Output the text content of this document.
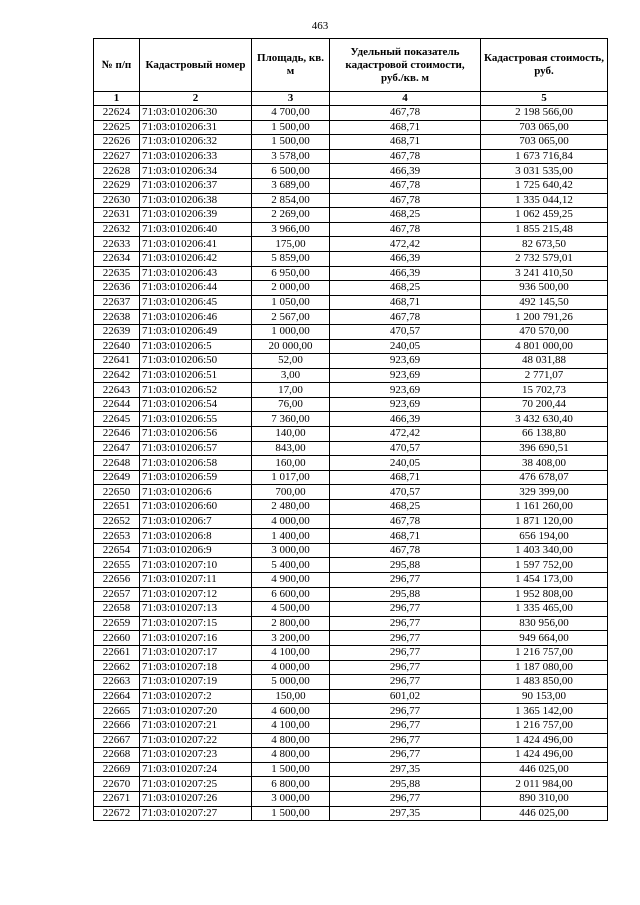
463
№ п/п	Кадастровый номер	Площадь, кв. м	Удельный показатель кадастровой стоимости, руб./кв. м	Кадастровая стоимость, руб.
1	2	3	4	5
22624	71:03:010206:30	4 700,00	467,78	2 198 566,00
22625	71:03:010206:31	1 500,00	468,71	703 065,00
22626	71:03:010206:32	1 500,00	468,71	703 065,00
22627	71:03:010206:33	3 578,00	467,78	1 673 716,84
22628	71:03:010206:34	6 500,00	466,39	3 031 535,00
22629	71:03:010206:37	3 689,00	467,78	1 725 640,42
22630	71:03:010206:38	2 854,00	467,78	1 335 044,12
22631	71:03:010206:39	2 269,00	468,25	1 062 459,25
22632	71:03:010206:40	3 966,00	467,78	1 855 215,48
22633	71:03:010206:41	175,00	472,42	82 673,50
22634	71:03:010206:42	5 859,00	466,39	2 732 579,01
22635	71:03:010206:43	6 950,00	466,39	3 241 410,50
22636	71:03:010206:44	2 000,00	468,25	936 500,00
22637	71:03:010206:45	1 050,00	468,71	492 145,50
22638	71:03:010206:46	2 567,00	467,78	1 200 791,26
22639	71:03:010206:49	1 000,00	470,57	470 570,00
22640	71:03:010206:5	20 000,00	240,05	4 801 000,00
22641	71:03:010206:50	52,00	923,69	48 031,88
22642	71:03:010206:51	3,00	923,69	2 771,07
22643	71:03:010206:52	17,00	923,69	15 702,73
22644	71:03:010206:54	76,00	923,69	70 200,44
22645	71:03:010206:55	7 360,00	466,39	3 432 630,40
22646	71:03:010206:56	140,00	472,42	66 138,80
22647	71:03:010206:57	843,00	470,57	396 690,51
22648	71:03:010206:58	160,00	240,05	38 408,00
22649	71:03:010206:59	1 017,00	468,71	476 678,07
22650	71:03:010206:6	700,00	470,57	329 399,00
22651	71:03:010206:60	2 480,00	468,25	1 161 260,00
22652	71:03:010206:7	4 000,00	467,78	1 871 120,00
22653	71:03:010206:8	1 400,00	468,71	656 194,00
22654	71:03:010206:9	3 000,00	467,78	1 403 340,00
22655	71:03:010207:10	5 400,00	295,88	1 597 752,00
22656	71:03:010207:11	4 900,00	296,77	1 454 173,00
22657	71:03:010207:12	6 600,00	295,88	1 952 808,00
22658	71:03:010207:13	4 500,00	296,77	1 335 465,00
22659	71:03:010207:15	2 800,00	296,77	830 956,00
22660	71:03:010207:16	3 200,00	296,77	949 664,00
22661	71:03:010207:17	4 100,00	296,77	1 216 757,00
22662	71:03:010207:18	4 000,00	296,77	1 187 080,00
22663	71:03:010207:19	5 000,00	296,77	1 483 850,00
22664	71:03:010207:2	150,00	601,02	90 153,00
22665	71:03:010207:20	4 600,00	296,77	1 365 142,00
22666	71:03:010207:21	4 100,00	296,77	1 216 757,00
22667	71:03:010207:22	4 800,00	296,77	1 424 496,00
22668	71:03:010207:23	4 800,00	296,77	1 424 496,00
22669	71:03:010207:24	1 500,00	297,35	446 025,00
22670	71:03:010207:25	6 800,00	295,88	2 011 984,00
22671	71:03:010207:26	3 000,00	296,77	890 310,00
22672	71:03:010207:27	1 500,00	297,35	446 025,00
